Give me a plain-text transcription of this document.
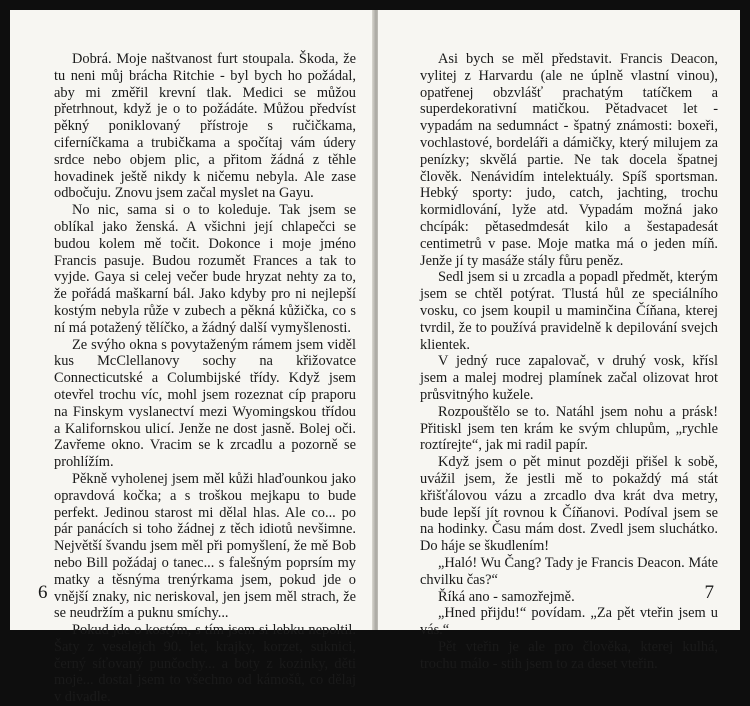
Dobrá. Moje naštvanost furt stoupala. Škoda, že tu neni můj brácha Ritchie - byl bych ho požádal, aby mi změřil krevní tlak. Medici se můžou přetrhnout, když je o to požádáte. Můžou předvíst pěkný poniklovaný přístroje s ručičkama, ciferníčkama a trubičkama a spočítaj vám údery srdce nebo objem plic, a přitom žádná z těhle hovadinek ještě nikdy k ničemu nebyla. Ale zase odbočuju. Znovu jsem začal myslet na Gayu.

No nic, sama si o to koleduje. Tak jsem se oblíkal jako ženská. A všichni její chlapečci se budou kolem mě točit. Dokonce i moje jméno Francis pasuje. Budou rozumět Frances a tak to vyjde. Gaya si celej večer bude hryzat nehty za to, že pořádá maškarní bál. Jako kdyby pro ni nejlepší kostým nebyla růže v zubech a pěkná kůžička, co s ní má potažený tělíčko, a žádný další vymyšlenosti.

Ze svýho okna s povytaženým rámem jsem viděl kus McClellanovy sochy na křižovatce Connecticutské a Columbijské třídy. Když jsem otevřel trochu víc, mohl jsem rozeznat cíp praporu na Finskym vyslanectví mezi Wyomingskou třídou a Kalifornskou ulicí. Jenže ne dost jasně. Bolej oči. Zavřeme okno. Vracim se k zrcadlu a pozorně se prohlížím.

Pěkně vyholenej jsem měl kůži hlaďounkou jako opravdová kočka; a s troškou mejkapu to bude perfekt. Jedinou starost mi dělal hlas. Ale co... po pár panácích si toho žádnej z těch idiotů nevšimne. Největší švandu jsem měl při pomyšlení, že mě Bob nebo Bill požádaj o tanec... s falešným poprsím my matky a těsnýma trenýrkama jsem, pokud jde o vnější znaky, nic neriskoval, jen jsem měl strach, že se neudržím a puknu smíchy...

Pokud jde o kostým, s tím jsem si lebku nepoltil. Šaty z veselejch 90. let, krajky, korzet, suknici, černý síťovaný punčochy... a boty z kozinky, děti moje... dostal jsem to všechno od kámošů, co dělaj v divadle.

6

Asi bych se měl představit. Francis Deacon, vylitej z Harvardu (ale ne úplně vlastní vinou), opatřenej obzvlášť prachatým tatíčkem a superdekorativní matičkou. Pětadvacet let - vypadám na sedumnáct - špatný známosti: boxeři, vochlastové, bordeláři a dámičky, který milujem za penízky; skvělá partie. Ne tak docela špatnej člověk. Nenávidím intelektuály. Spíš sportsman. Hebký sporty: judo, catch, jachting, trochu kormidlování, lyže atd. Vypadám možná jako chcípák: pětasedmdesát kilo a šestapadesát centimetrů v pase. Moje matka má o jeden míň. Jenže jí ty masáže stály fůru peněz.

Sedl jsem si u zrcadla a popadl předmět, kterým jsem se chtěl potýrat. Tlustá hůl ze speciálního vosku, co jsem koupil u maminčina Číňana, kterej tvrdil, že to používá pravidelně k depilování svejch klientek.

V jedný ruce zapalovač, v druhý vosk, křísl jsem a malej modrej plamínek začal olizovat hrot průsvitnýho kužele.

Rozpouštělo se to. Natáhl jsem nohu a prásk! Přitiskl jsem ten krám ke svým chlupům, „rychle roztírejte“, jak mi radil papír.

Když jsem o pět minut později přišel k sobě, uvážil jsem, že jestli mě to pokaždý má stát křišťálovou vázu a zrcadlo dva krát dva metry, bude lepší jít rovnou k Číňanovi. Podíval jsem se na hodinky. Času mám dost. Zvedl jsem sluchátko. Do háje se škudlením!

„Haló! Wu Čang? Tady je Francis Deacon. Máte chvilku čas?“

Říká ano - samozřejmě.

„Hned přijdu!“ povídam. „Za pět vteřin jsem u vás.“

Pět vteřin je ale pro člověka, kterej kulhá, trochu málo - stih jsem to za deset vteřin.

7
